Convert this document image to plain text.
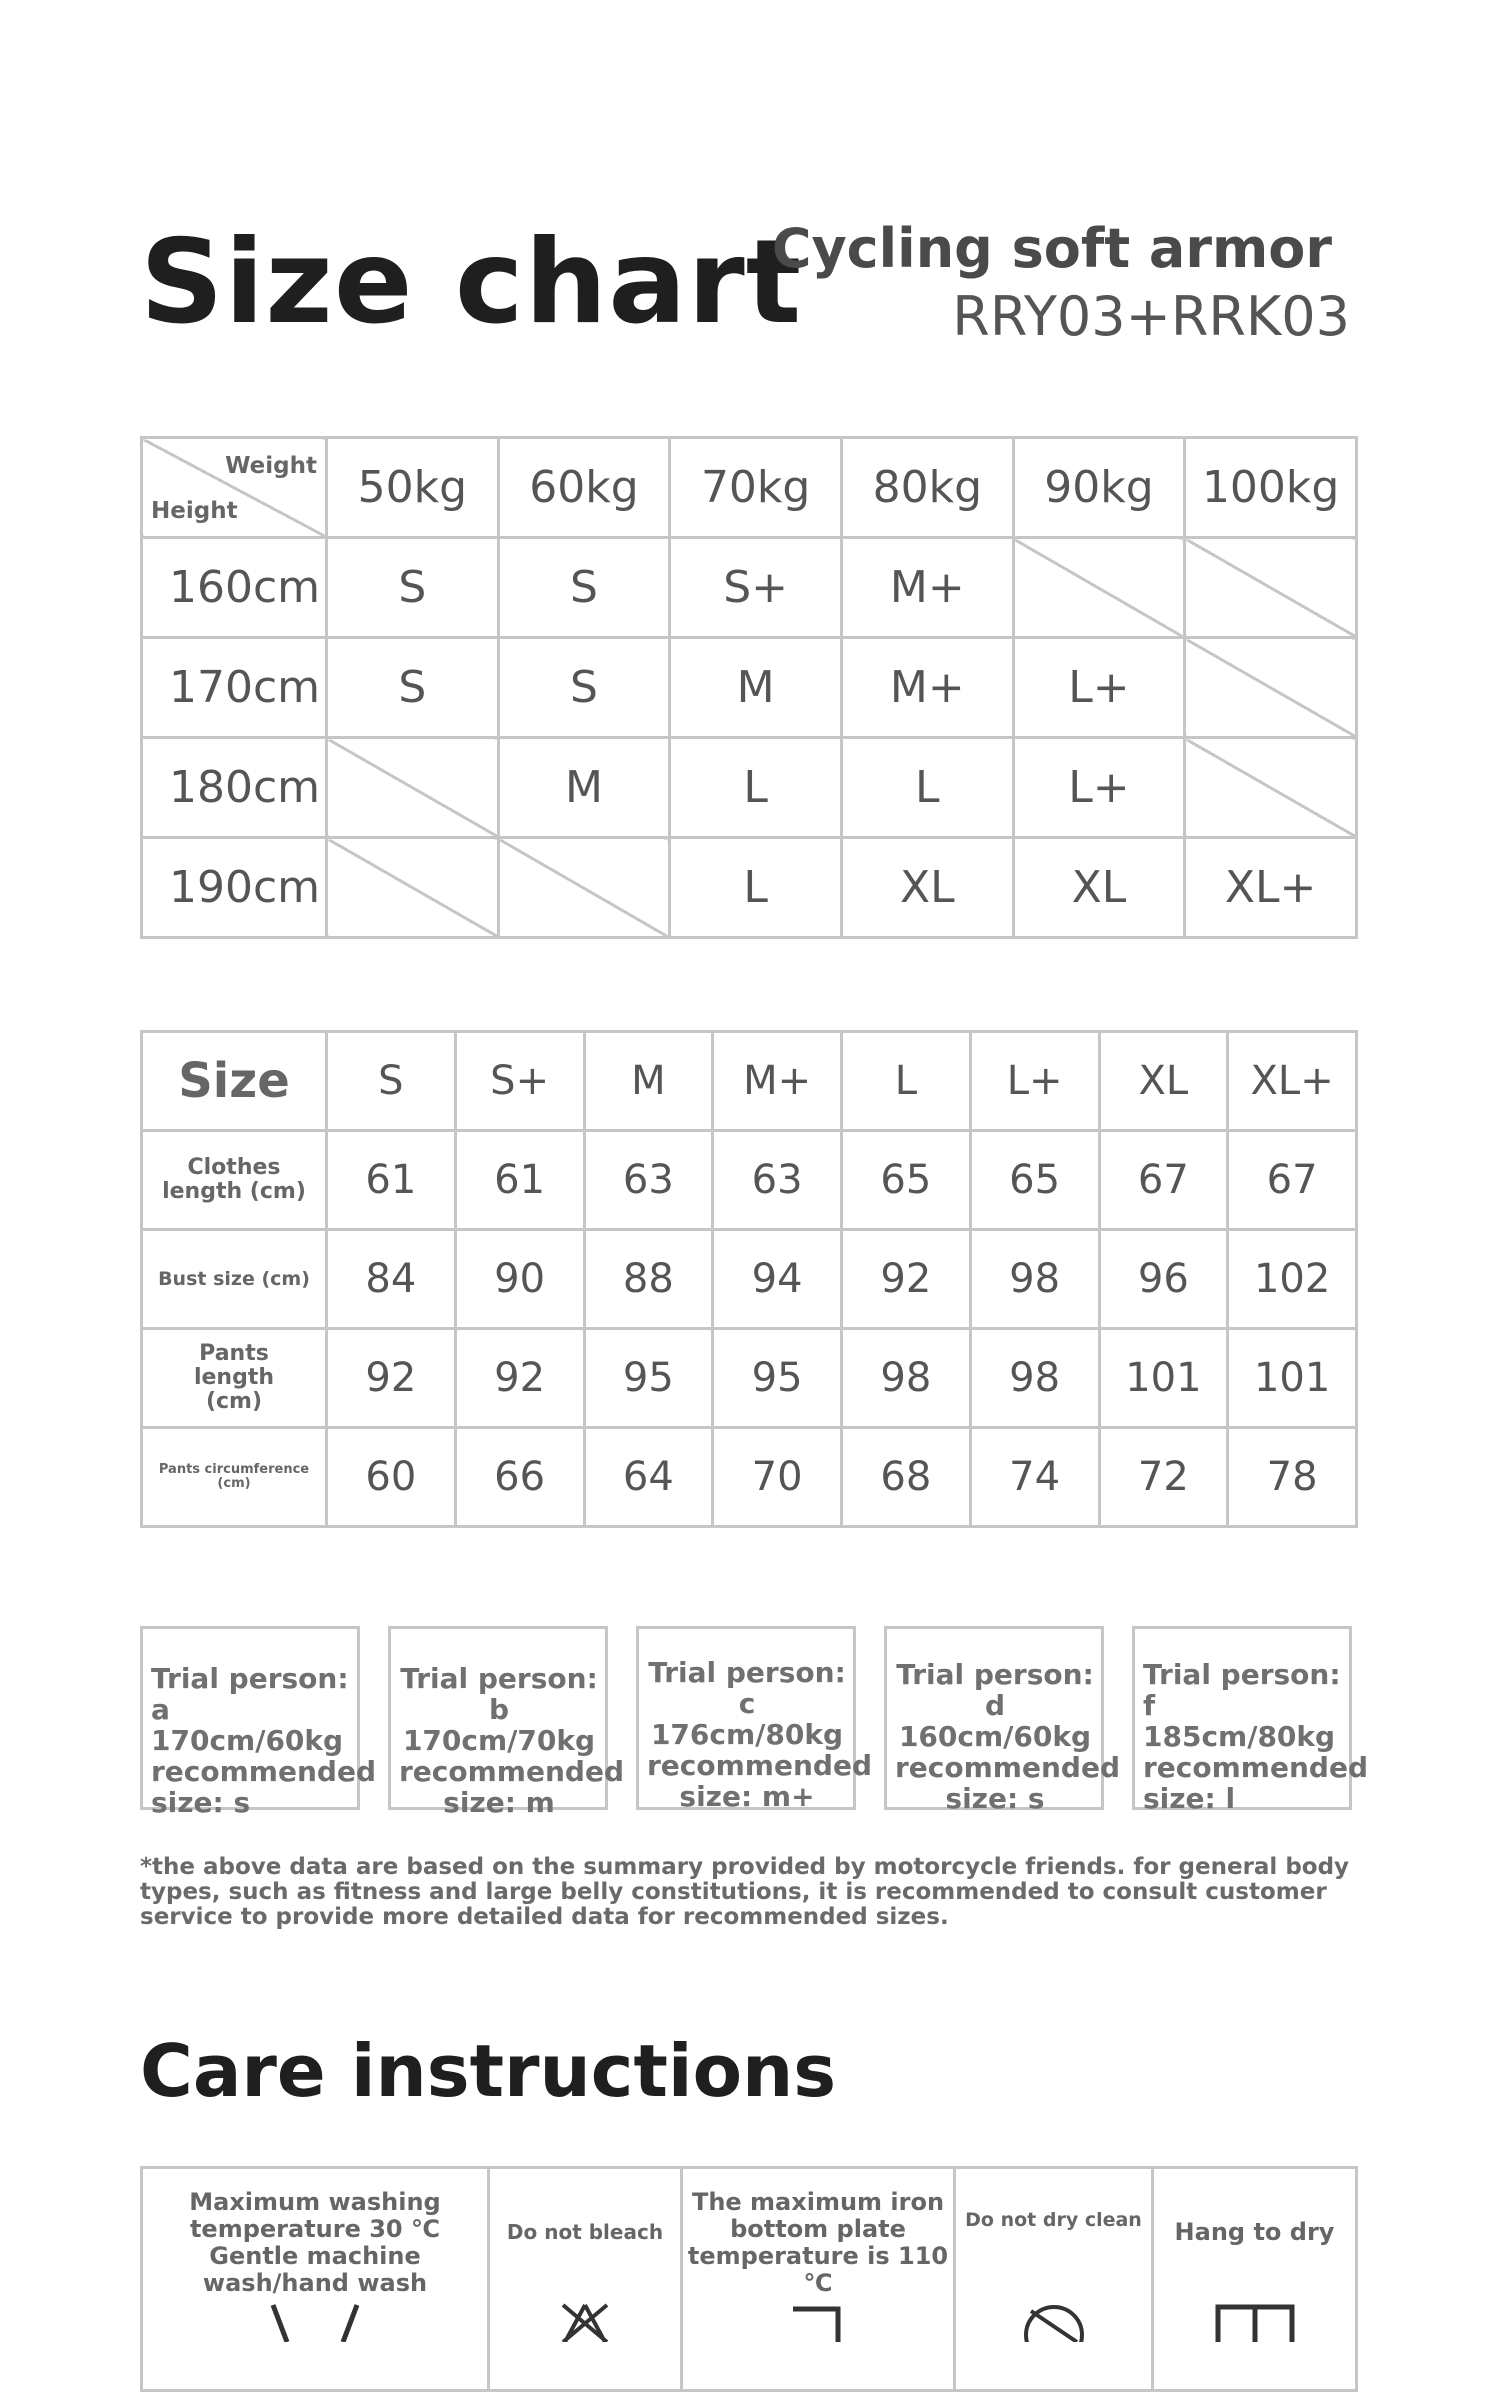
Size chart
Cycling soft armor
RRY03+RRK03
Weight
Height	50kg	60kg	70kg	80kg	90kg	100kg
160cm	S	S	S+	M+		
170cm	S	S	M	M+	L+	
180cm		M	L	L	L+	
190cm			L	XL	XL	XL+
Size	S	S+	M	M+	L	L+	XL	XL+
Clothes length (cm)	61	61	63	63	65	65	67	67
Bust size (cm)	84	90	88	94	92	98	96	102
Pants length (cm)	92	92	95	95	98	98	101	101
Pants circumference (cm)	60	66	64	70	68	74	72	78
Trial person: a 170cm/60kg recommended size: s
Trial person: b 170cm/70kg recommended size: m
Trial person: c 176cm/80kg recommended size: m+
Trial person: d 160cm/60kg recommended size: s
Trial person: f 185cm/80kg recommended size: l
*the above data are based on the summary provided by motorcycle friends. for general body types, such as fitness and large belly constitutions, it is recommended to consult customer service to provide more detailed data for recommended sizes.
Care instructions
Maximum washing temperature 30 ℃ Gentle machine wash/hand wash

Do not bleach

The maximum iron bottom plate temperature is 110 ℃

Do not dry clean	Hang to dry
